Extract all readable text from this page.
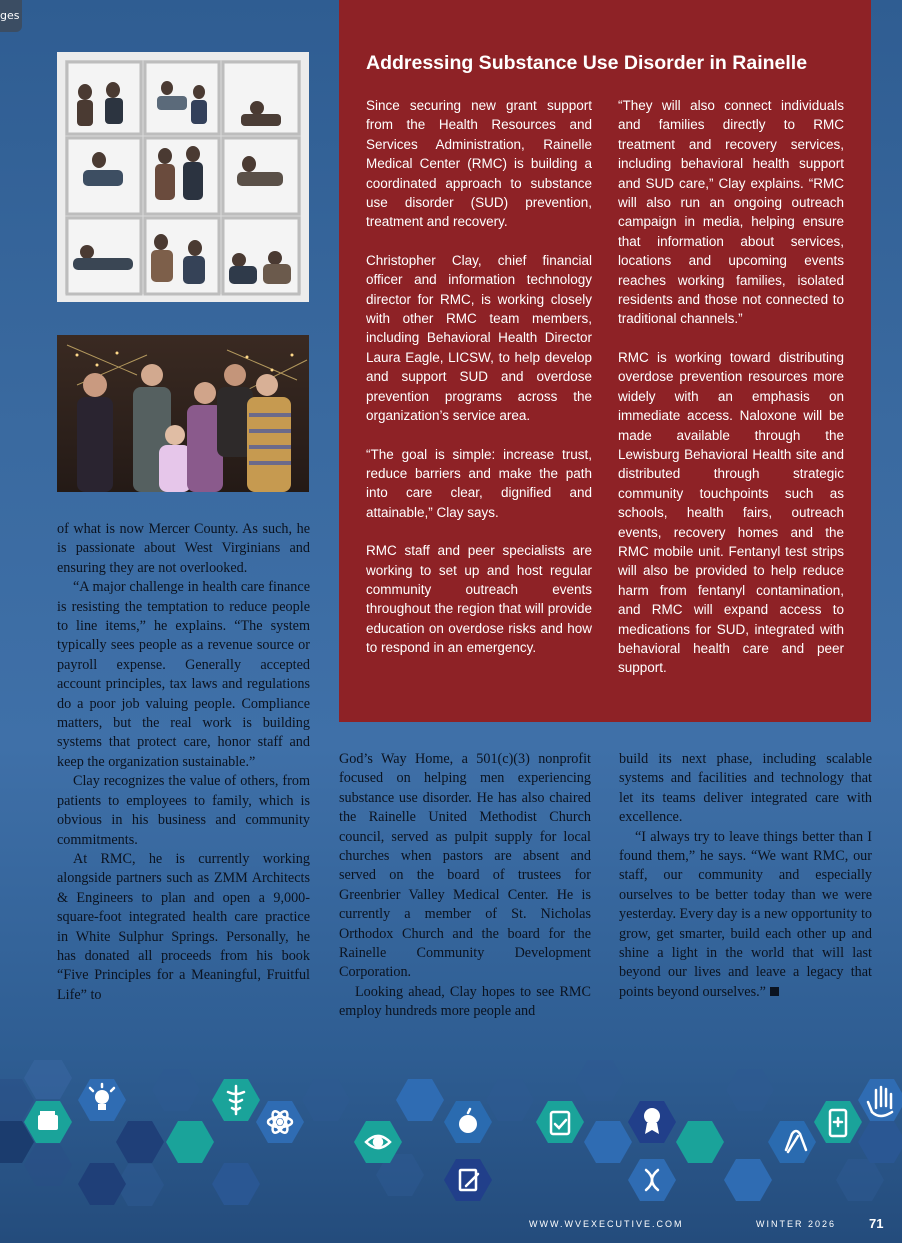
ges
Addressing Substance Use Disorder in Rainelle

Since securing new grant support from the Health Resources and Services Administration, Rainelle Medical Center (RMC) is building a coordinated approach to substance use disorder (SUD) prevention, treatment and recovery.

Christopher Clay, chief financial officer and information technology director for RMC, is working closely with other RMC team members, including Behavioral Health Director Laura Eagle, LICSW, to help develop and support SUD and overdose prevention programs across the organization’s service area.

“The goal is simple: increase trust, reduce barriers and make the path into care clear, dignified and attainable,” Clay says.

RMC staff and peer specialists are working to set up and host regular community outreach events throughout the region that will provide education on overdose risks and how to respond in an emergency.

“They will also connect individuals and families directly to RMC treatment and recovery services, including behavioral health support and SUD care,” Clay explains. “RMC will also run an ongoing outreach campaign in media, helping ensure that information about services, locations and upcoming events reaches working families, isolated residents and those not connected to traditional channels.”

RMC is working toward distributing overdose prevention resources more widely with an emphasis on immediate access. Naloxone will be made available through the Lewisburg Behavioral Health site and distributed through strategic community touchpoints such as schools, health fairs, outreach events, recovery homes and the RMC mobile unit. Fentanyl test strips will also be provided to help reduce harm from fentanyl contamination, and RMC will expand access to medications for SUD, integrated with behavioral health care and peer support.

of what is now Mercer County. As such, he is passionate about West Virginians and ensuring they are not overlooked.

“A major challenge in health care finance is resisting the temptation to reduce people to line items,” he explains. “The system typically sees people as a revenue source or payroll expense. Generally accepted account principles, tax laws and regulations do a poor job valuing people. Compliance matters, but the real work is building systems that protect care, honor staff and keep the organization sustainable.”

Clay recognizes the value of others, from patients to employees to family, which is obvious in his business and community commitments.

At RMC, he is currently working alongside partners such as ZMM Architects & Engineers to plan and open a 9,000-square-foot integrated health care practice in White Sulphur Springs. Personally, he has donated all proceeds from his book “Five Principles for a Meaningful, Fruitful Life” to

God’s Way Home, a 501(c)(3) nonprofit focused on helping men experiencing substance use disorder. He has also chaired the Rainelle United Methodist Church council, served as pulpit supply for local churches when pastors are absent and served on the board of trustees for Greenbrier Valley Medical Center. He is currently a member of St. Nicholas Orthodox Church and the board for the Rainelle Community Development Corporation.

Looking ahead, Clay hopes to see RMC employ hundreds more people and

build its next phase, including scalable systems and facilities and technology that let its teams deliver integrated care with excellence.

“I always try to leave things better than I found them,” he says. “We want RMC, our staff, our community and especially ourselves to be better today than we were yesterday. Every day is a new opportunity to grow, get smarter, build each other up and shine a light in the world that will last beyond our lives and leave a legacy that points beyond ourselves.”

WWW.WVEXECUTIVE.COM	WINTER 2026	71
